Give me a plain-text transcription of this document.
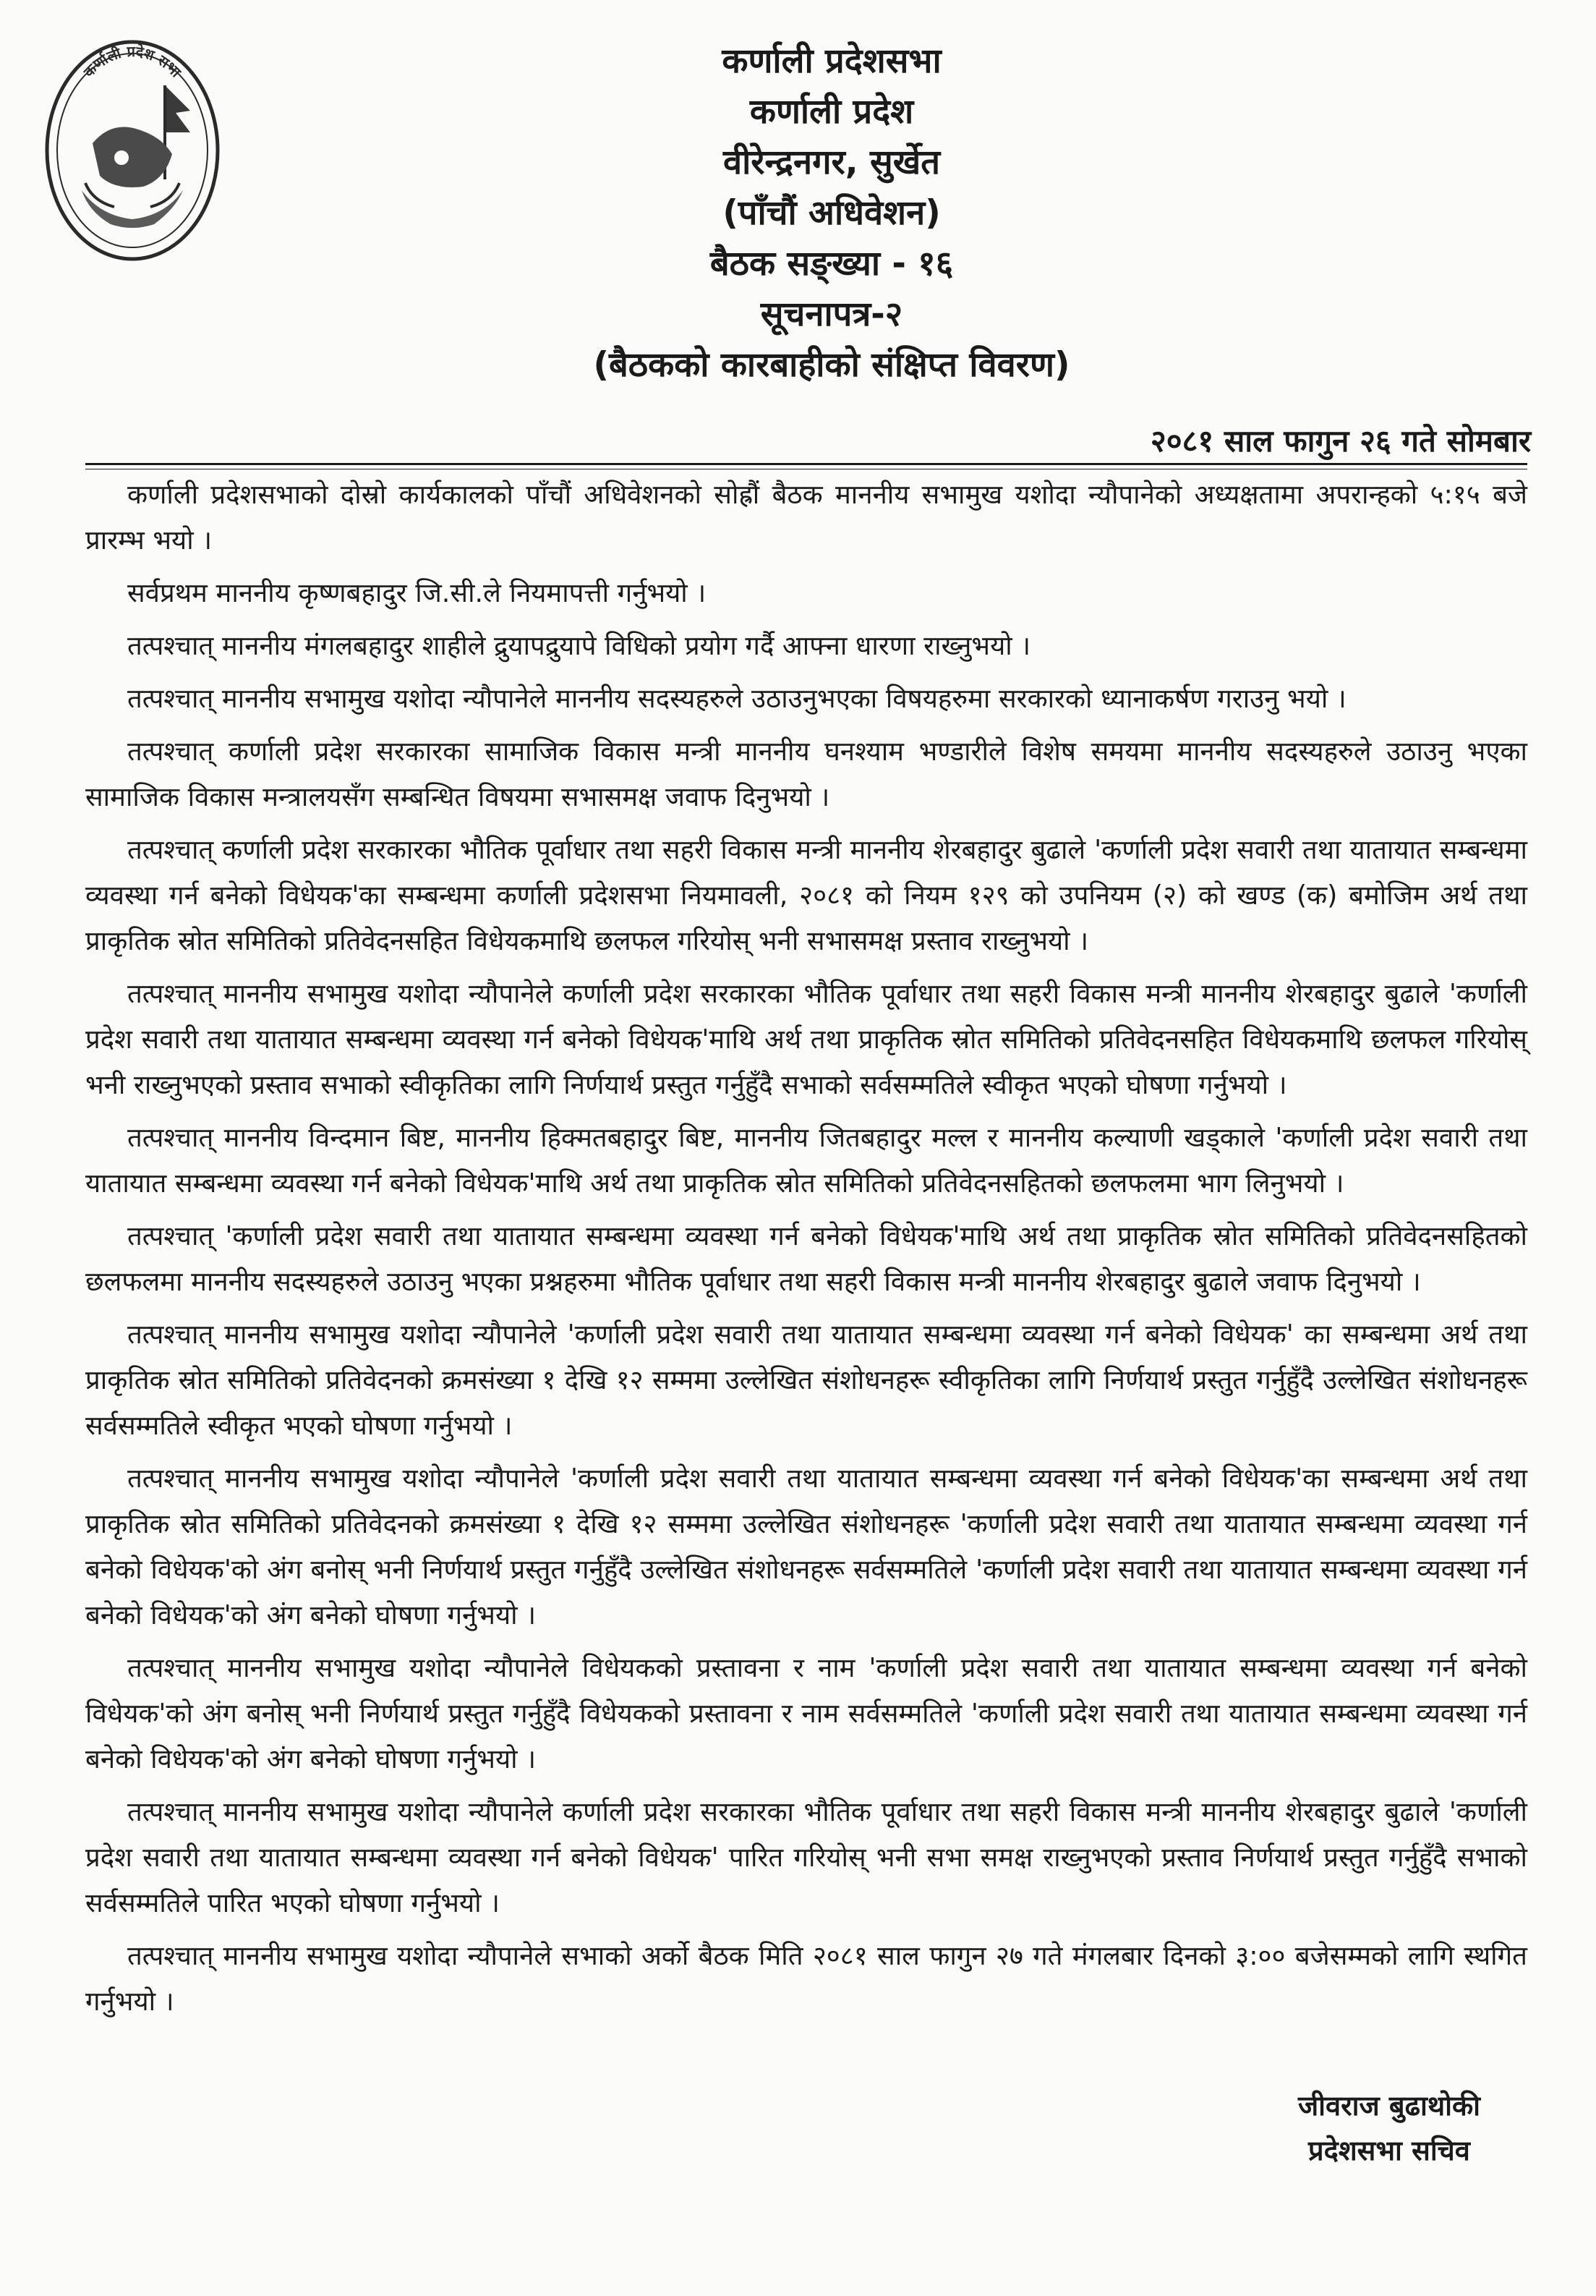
कर्णाली प्रदेश सभा	कर्णाली प्रदेशसभा
कर्णाली प्रदेश
वीरेन्द्रनगर, सुर्खेत
(पाँचौं अधिवेशन)
बैठक सङ्ख्या - १६
सूचनापत्र-२
(बैठकको कारबाहीको संक्षिप्त विवरण)
२०८१ साल फागुन २६ गते सोमबार

कर्णाली प्रदेशसभाको दोस्रो कार्यकालको पाँचौं अधिवेशनको सोह्रौं बैठक माननीय सभामुख यशोदा न्यौपानेको अध्यक्षतामा अपरान्हको ५:१५ बजे प्रारम्भ भयो ।

सर्वप्रथम माननीय कृष्णबहादुर जि.सी.ले नियमापत्ती गर्नुभयो ।

तत्पश्चात् माननीय मंगलबहादुर शाहीले द्रुयापद्रुयापे विधिको प्रयोग गर्दै आफ्ना धारणा राख्नुभयो ।

तत्पश्चात् माननीय सभामुख यशोदा न्यौपानेले माननीय सदस्यहरुले उठाउनुभएका विषयहरुमा सरकारको ध्यानाकर्षण गराउनु भयो ।

तत्पश्चात् कर्णाली प्रदेश सरकारका सामाजिक विकास मन्त्री माननीय घनश्याम भण्डारीले विशेष समयमा माननीय सदस्यहरुले उठाउनु भएका सामाजिक विकास मन्त्रालयसँग सम्बन्धित विषयमा सभासमक्ष जवाफ दिनुभयो ।

तत्पश्चात् कर्णाली प्रदेश सरकारका भौतिक पूर्वाधार तथा सहरी विकास मन्त्री माननीय शेरबहादुर बुढाले 'कर्णाली प्रदेश सवारी तथा यातायात सम्बन्धमा व्यवस्था गर्न बनेको विधेयक'का सम्बन्धमा कर्णाली प्रदेशसभा नियमावली, २०८१ को नियम १२९ को उपनियम (२) को खण्ड (क) बमोजिम अर्थ तथा प्राकृतिक स्रोत समितिको प्रतिवेदनसहित विधेयकमाथि छलफल गरियोस् भनी सभासमक्ष प्रस्ताव राख्नुभयो ।

तत्पश्चात् माननीय सभामुख यशोदा न्यौपानेले कर्णाली प्रदेश सरकारका भौतिक पूर्वाधार तथा सहरी विकास मन्त्री माननीय शेरबहादुर बुढाले 'कर्णाली प्रदेश सवारी तथा यातायात सम्बन्धमा व्यवस्था गर्न बनेको विधेयक'माथि अर्थ तथा प्राकृतिक स्रोत समितिको प्रतिवेदनसहित विधेयकमाथि छलफल गरियोस् भनी राख्नुभएको प्रस्ताव सभाको स्वीकृतिका लागि निर्णयार्थ प्रस्तुत गर्नुहुँदै सभाको सर्वसम्मतिले स्वीकृत भएको घोषणा गर्नुभयो ।

तत्पश्चात् माननीय विन्दमान बिष्ट, माननीय हिक्मतबहादुर बिष्ट, माननीय जितबहादुर मल्ल र माननीय कल्याणी खड्काले 'कर्णाली प्रदेश सवारी तथा यातायात सम्बन्धमा व्यवस्था गर्न बनेको विधेयक'माथि अर्थ तथा प्राकृतिक स्रोत समितिको प्रतिवेदनसहितको छलफलमा भाग लिनुभयो ।

तत्पश्चात् 'कर्णाली प्रदेश सवारी तथा यातायात सम्बन्धमा व्यवस्था गर्न बनेको विधेयक'माथि अर्थ तथा प्राकृतिक स्रोत समितिको प्रतिवेदनसहितको छलफलमा माननीय सदस्यहरुले उठाउनु भएका प्रश्नहरुमा भौतिक पूर्वाधार तथा सहरी विकास मन्त्री माननीय शेरबहादुर बुढाले जवाफ दिनुभयो ।

तत्पश्चात् माननीय सभामुख यशोदा न्यौपानेले 'कर्णाली प्रदेश सवारी तथा यातायात सम्बन्धमा व्यवस्था गर्न बनेको विधेयक' का सम्बन्धमा अर्थ तथा प्राकृतिक स्रोत समितिको प्रतिवेदनको क्रमसंख्या १ देखि १२ सम्ममा उल्लेखित संशोधनहरू स्वीकृतिका लागि निर्णयार्थ प्रस्तुत गर्नुहुँदै उल्लेखित संशोधनहरू सर्वसम्मतिले स्वीकृत भएको घोषणा गर्नुभयो ।

तत्पश्चात् माननीय सभामुख यशोदा न्यौपानेले 'कर्णाली प्रदेश सवारी तथा यातायात सम्बन्धमा व्यवस्था गर्न बनेको विधेयक'का सम्बन्धमा अर्थ तथा प्राकृतिक स्रोत समितिको प्रतिवेदनको क्रमसंख्या १ देखि १२ सम्ममा उल्लेखित संशोधनहरू 'कर्णाली प्रदेश सवारी तथा यातायात सम्बन्धमा व्यवस्था गर्न बनेको विधेयक'को अंग बनोस् भनी निर्णयार्थ प्रस्तुत गर्नुहुँदै उल्लेखित संशोधनहरू सर्वसम्मतिले 'कर्णाली प्रदेश सवारी तथा यातायात सम्बन्धमा व्यवस्था गर्न बनेको विधेयक'को अंग बनेको घोषणा गर्नुभयो ।

तत्पश्चात् माननीय सभामुख यशोदा न्यौपानेले विधेयकको प्रस्तावना र नाम 'कर्णाली प्रदेश सवारी तथा यातायात सम्बन्धमा व्यवस्था गर्न बनेको विधेयक'को अंग बनोस् भनी निर्णयार्थ प्रस्तुत गर्नुहुँदै विधेयकको प्रस्तावना र नाम सर्वसम्मतिले 'कर्णाली प्रदेश सवारी तथा यातायात सम्बन्धमा व्यवस्था गर्न बनेको विधेयक'को अंग बनेको घोषणा गर्नुभयो ।

तत्पश्चात् माननीय सभामुख यशोदा न्यौपानेले कर्णाली प्रदेश सरकारका भौतिक पूर्वाधार तथा सहरी विकास मन्त्री माननीय शेरबहादुर बुढाले 'कर्णाली प्रदेश सवारी तथा यातायात सम्बन्धमा व्यवस्था गर्न बनेको विधेयक' पारित गरियोस् भनी सभा समक्ष राख्नुभएको प्रस्ताव निर्णयार्थ प्रस्तुत गर्नुहुँदै सभाको सर्वसम्मतिले पारित भएको घोषणा गर्नुभयो ।

तत्पश्चात् माननीय सभामुख यशोदा न्यौपानेले सभाको अर्को बैठक मिति २०८१ साल फागुन २७ गते मंगलबार दिनको ३:०० बजेसम्मको लागि स्थगित गर्नुभयो ।

जीवराज बुढाथोकी
प्रदेशसभा सचिव
